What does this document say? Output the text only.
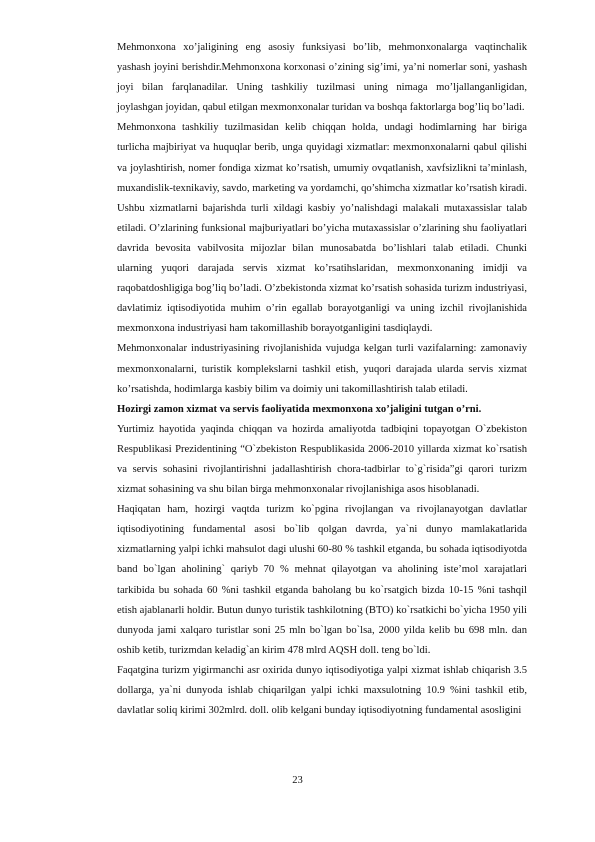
Mehmonxona xo’jaligining eng asosiy funksiyasi bo’lib, mehmonxonalarga vaqtinchalik yashash joyini berishdir.Mehmonxona korxonasi o’zining sig’imi, ya’ni nomerlar soni, yashash joyi bilan farqlanadilar. Uning tashkiliy tuzilmasi uning nimaga mo’ljallanganligidan, joylashgan joyidan, qabul etilgan mexmonxonalar turidan va boshqa faktorlarga bog’liq bo’ladi.

Mehmonxona tashkiliy tuzilmasidan kelib chiqqan holda, undagi hodimlarning har biriga turlicha majbiriyat va huquqlar berib, unga quyidagi xizmatlar: mexmonxonalarni qabul qilishi va joylashtirish, nomer fondiga xizmat ko’rsatish, umumiy ovqatlanish, xavfsizlikni ta’minlash, muxandislik-texnikaviy, savdo, marketing va yordamchi, qo’shimcha xizmatlar ko’rsatish kiradi.

Ushbu xizmatlarni bajarishda turli xildagi kasbiy yo’nalishdagi malakali mutaxassislar talab etiladi. O’zlarining funksional majburiyatlari bo’yicha mutaxassislar o’zlarining shu faoliyatlari davrida bevosita vabilvosita mijozlar bilan munosabatda bo’lishlari talab etiladi. Chunki ularning yuqori darajada servis xizmat ko’rsatihslaridan, mexmonxonaning imidji va raqobatdoshligiga bog’liq bo’ladi. O’zbekistonda xizmat ko’rsatish sohasida turizm industriyasi, davlatimiz iqtisodiyotida muhim o’rin egallab borayotganligi va uning izchil rivojlanishida mexmonxona industriyasi ham takomillashib borayotganligini tasdiqlaydi.

Mehmonxonalar industriyasining rivojlanishida vujudga kelgan turli vazifalarning: zamonaviy mexmonxonalarni, turistik komplekslarni tashkil etish, yuqori darajada ularda servis xizmat ko’rsatishda, hodimlarga kasbiy bilim va doimiy uni takomillashtirish talab etiladi.

Hozirgi zamon xizmat va servis faoliyatida mexmonxona xo’jaligini tutgan o’rni.

Yurtimiz hayotida yaqinda chiqqan va hozirda amaliyotda tadbiqini topayotgan O`zbekiston Respublikasi Prezidentining “O`zbekiston Respublikasida 2006-2010 yillarda xizmat ko`rsatish va servis sohasini rivojlantirishni jadallashtirish chora-tadbirlar to`g`risida”gi qarori turizm xizmat sohasining va shu bilan birga mehmonxonalar rivojlanishiga asos hisoblanadi.

Haqiqatan ham, hozirgi vaqtda turizm ko`pgina rivojlangan va rivojlanayotgan davlatlar iqtisodiyotining fundamental asosi bo`lib qolgan davrda, ya`ni dunyo mamlakatlarida xizmatlarning yalpi ichki mahsulot dagi ulushi 60-80 % tashkil etganda, bu sohada iqtisodiyotda band bo`lgan aholining` qariyb 70 % mehnat qilayotgan va aholining iste’mol xarajatlari tarkibida bu sohada 60 %ni tashkil etganda baholang bu ko`rsatgich bizda 10-15 %ni tashqil etish ajablanarli holdir. Butun dunyo turistik tashkilotning (BTO) ko`rsatkichi bo`yicha 1950 yili dunyoda jami xalqaro turistlar soni 25 mln bo`lgan bo`lsa, 2000 yilda kelib bu 698 mln. dan oshib ketib, turizmdan keladig`an kirim 478 mlrd AQSH doll. teng bo`ldi.

Faqatgina turizm yigirmanchi asr oxirida dunyo iqtisodiyotiga yalpi xizmat ishlab chiqarish 3.5 dollarga, ya`ni dunyoda ishlab chiqarilgan yalpi ichki maxsulotning 10.9 %ini tashkil etib, davlatlar soliq kirimi 302mlrd. doll. olib kelgani bunday iqtisodiyotning fundamental asosligini

23
